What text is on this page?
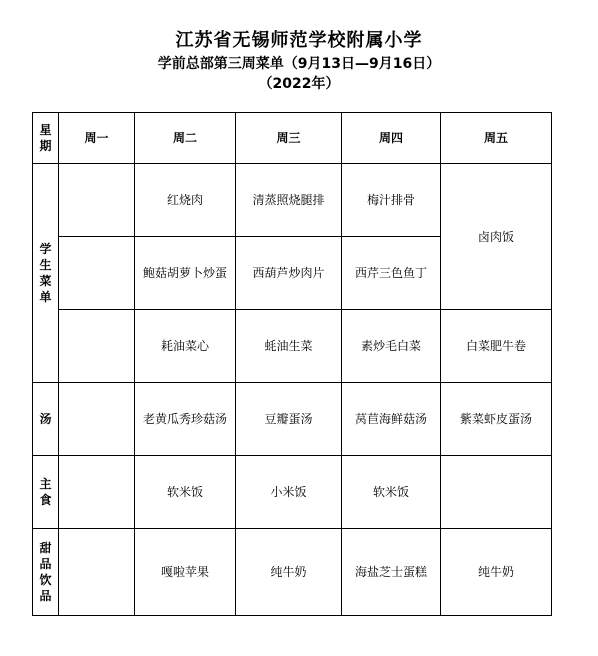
江苏省无锡师范学校附属小学
学前总部第三周菜单（9月13日—9月16日）
（2022年）
星期	周一	周二	周三	周四	周五
学生菜单		红烧肉	清蒸照烧腿排	梅汁排骨	卤肉饭
		鲍菇胡萝卜炒蛋	西葫芦炒肉片	西芹三色鱼丁	
		耗油菜心	蚝油生菜	素炒毛白菜	白菜肥牛卷
汤		老黄瓜秀珍菇汤	豆瓣蛋汤	莴苣海鲜菇汤	紫菜虾皮蛋汤
主食		软米饭	小米饭	软米饭	
甜品饮品		嘎啦苹果	纯牛奶	海盐芝士蛋糕	纯牛奶
